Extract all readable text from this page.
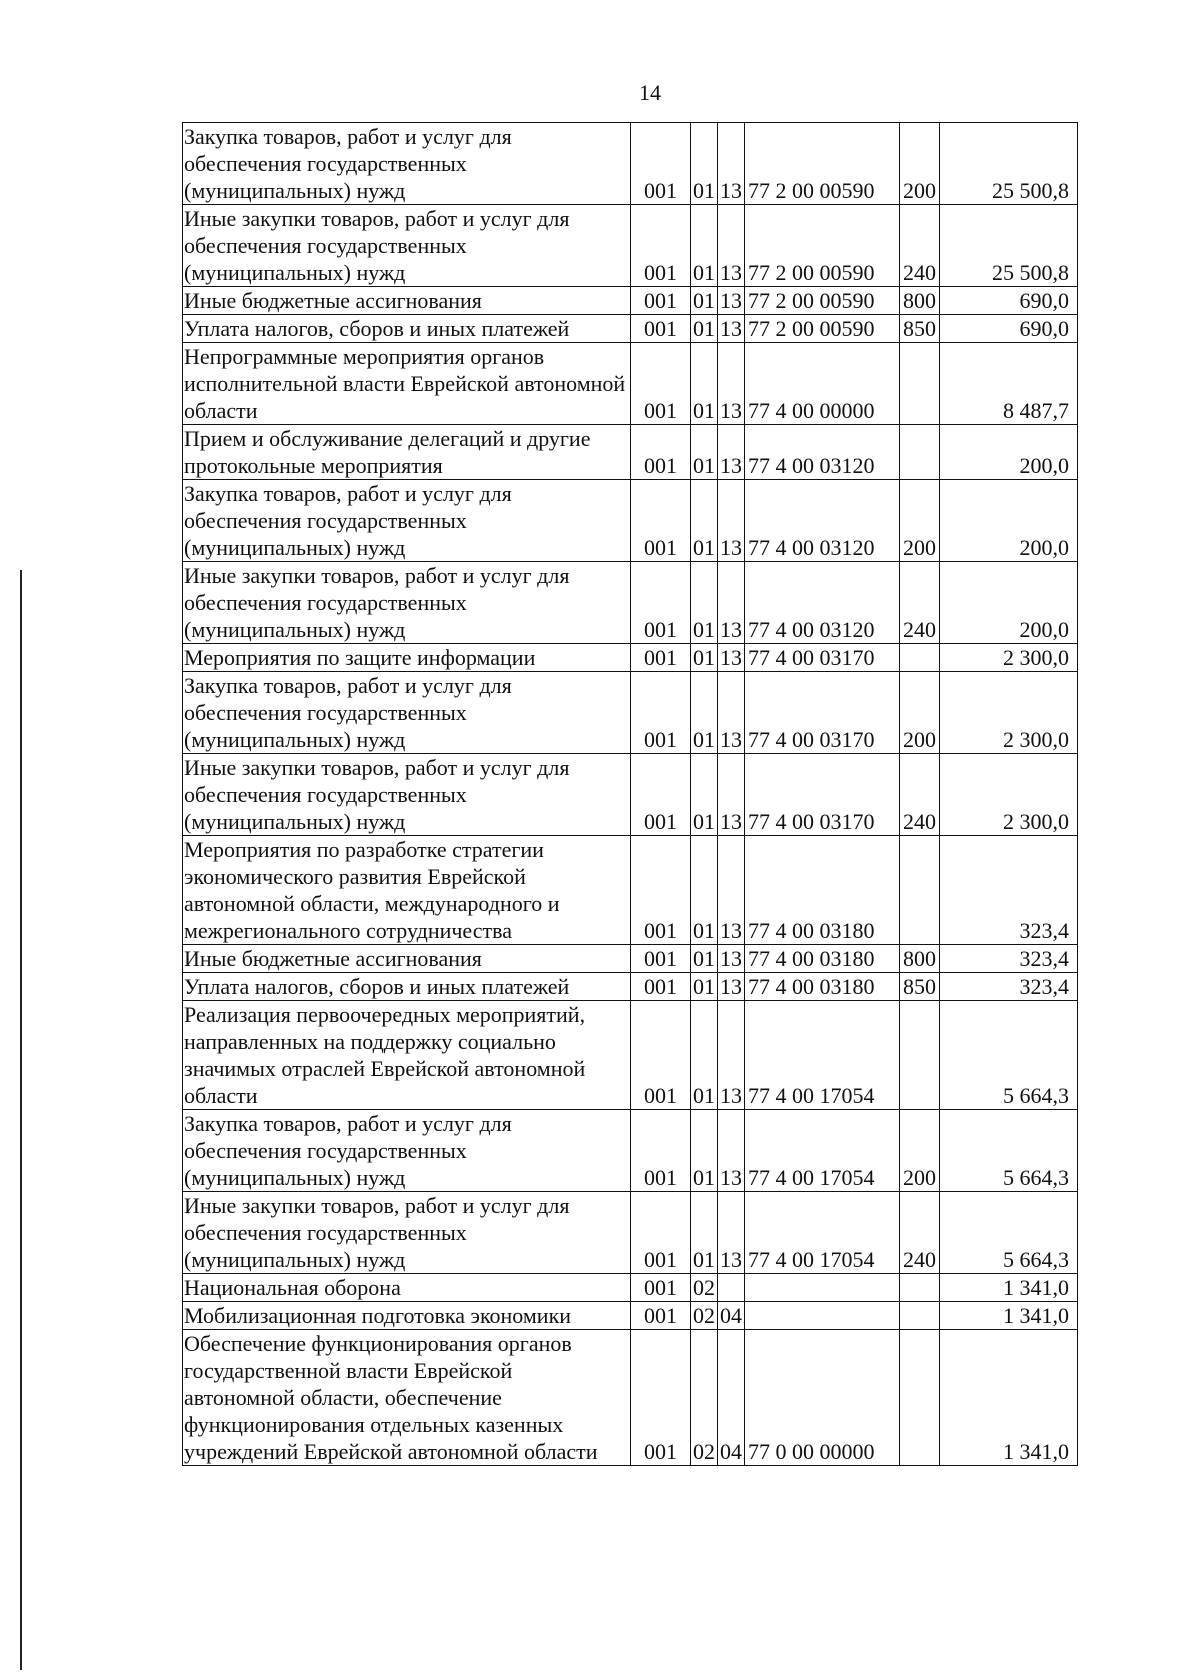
14
Закупка товаров, работ и услуг для обеспечения государственных (муниципальных) нужд	001	01	13	77 2 00 00590	200	25 500,8
Иные закупки товаров, работ и услуг для обеспечения государственных (муниципальных) нужд	001	01	13	77 2 00 00590	240	25 500,8
Иные бюджетные ассигнования	001	01	13	77 2 00 00590	800	690,0
Уплата налогов, сборов и иных платежей	001	01	13	77 2 00 00590	850	690,0
Непрограммные мероприятия органов исполнительной власти Еврейской автономной области	001	01	13	77 4 00 00000		8 487,7
Прием и обслуживание делегаций и другие протокольные мероприятия	001	01	13	77 4 00 03120		200,0
Закупка товаров, работ и услуг для обеспечения государственных (муниципальных) нужд	001	01	13	77 4 00 03120	200	200,0
Иные закупки товаров, работ и услуг для обеспечения государственных (муниципальных) нужд	001	01	13	77 4 00 03120	240	200,0
Мероприятия по защите информации	001	01	13	77 4 00 03170		2 300,0
Закупка товаров, работ и услуг для обеспечения государственных (муниципальных) нужд	001	01	13	77 4 00 03170	200	2 300,0
Иные закупки товаров, работ и услуг для обеспечения государственных (муниципальных) нужд	001	01	13	77 4 00 03170	240	2 300,0
Мероприятия по разработке стратегии экономического развития Еврейской автономной области, международного и межрегионального сотрудничества	001	01	13	77 4 00 03180		323,4
Иные бюджетные ассигнования	001	01	13	77 4 00 03180	800	323,4
Уплата налогов, сборов и иных платежей	001	01	13	77 4 00 03180	850	323,4
Реализация первоочередных мероприятий, направленных на поддержку социально значимых отраслей Еврейской автономной области	001	01	13	77 4 00 17054		5 664,3
Закупка товаров, работ и услуг для обеспечения государственных (муниципальных) нужд	001	01	13	77 4 00 17054	200	5 664,3
Иные закупки товаров, работ и услуг для обеспечения государственных (муниципальных) нужд	001	01	13	77 4 00 17054	240	5 664,3
Национальная оборона	001	02				1 341,0
Мобилизационная подготовка экономики	001	02	04			1 341,0
Обеспечение функционирования органов государственной власти Еврейской автономной области, обеспечение функционирования отдельных казенных учреждений Еврейской автономной области	001	02	04	77 0 00 00000		1 341,0
